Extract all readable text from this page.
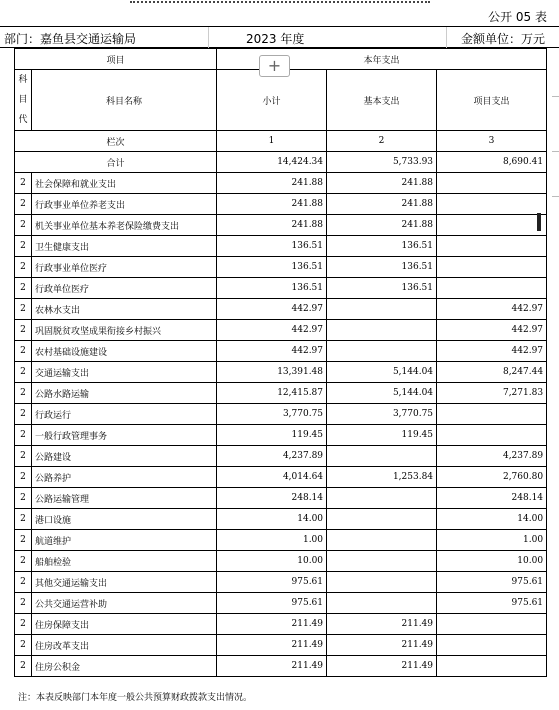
公开 05 表
部门：嘉鱼县交通运输局	2023 年度	金额单位：万元
项目		本年支出		

科
目
代	科目名称	小计	基本支出	项目支出
栏次		1	2	3
合计		14,424.34	5,733.93	8,690.41
2	社会保障和就业支出	241.88	241.88	
2	行政事业单位养老支出	241.88	241.88	
2	机关事业单位基本养老保险缴费支出	241.88	241.88	
2	卫生健康支出	136.51	136.51	
2	行政事业单位医疗	136.51	136.51	
2	行政单位医疗	136.51	136.51	
2	农林水支出	442.97		442.97
2	巩固脱贫攻坚成果衔接乡村振兴	442.97		442.97
2	农村基础设施建设	442.97		442.97
2	交通运输支出	13,391.48	5,144.04	8,247.44
2	公路水路运输	12,415.87	5,144.04	7,271.83
2	行政运行	3,770.75	3,770.75	
2	一般行政管理事务	119.45	119.45	
2	公路建设	4,237.89		4,237.89
2	公路养护	4,014.64	1,253.84	2,760.80
2	公路运输管理	248.14		248.14
2	港口设施	14.00		14.00
2	航道维护	1.00		1.00
2	船舶检验	10.00		10.00
2	其他交通运输支出	975.61		975.61
2	公共交通运营补助	975.61		975.61
2	住房保障支出	211.49	211.49	
2	住房改革支出	211.49	211.49	
2	住房公积金	211.49	211.49	
+
注：本表反映部门本年度一般公共预算财政拨款支出情况。
